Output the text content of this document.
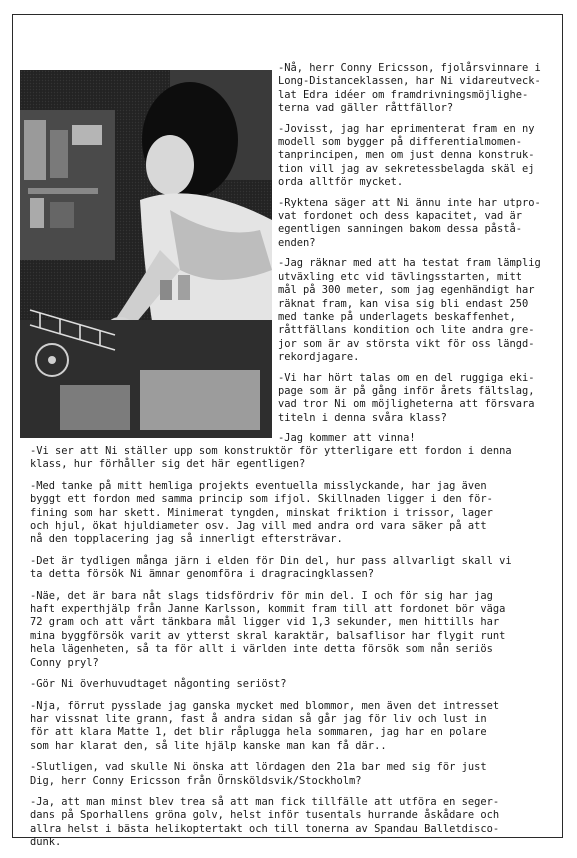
-Nå, herr Conny Ericsson, fjolårsvinnare i
Long-Distanceklassen, har Ni vidareutveck-
lat Edra idéer om framdrivningsmöjlighe-
terna vad gäller råttfällor?

-Jovisst, jag har eprimenterat fram en ny
modell som bygger på differentialmomen-
tanprincipen, men om just denna konstruk-
tion vill jag av sekretessbelagda skäl ej
orda alltför mycket.

-Ryktena säger att Ni ännu inte har utpro-
vat fordonet och dess kapacitet, vad är
egentligen sanningen bakom dessa påstå-
enden?

-Jag räknar med att ha testat fram lämplig
utväxling etc vid tävlingsstarten, mitt
mål på 300 meter, som jag egenhändigt har
räknat fram, kan visa sig bli endast 250
med tanke på underlagets beskaffenhet,
råttfällans kondition och lite andra gre-
jor som är av största vikt för oss längd-
rekordjagare.

-Vi har hört talas om en del ruggiga eki-
page som är på gång inför årets fältslag,
vad tror Ni om möjligheterna att försvara
titeln i denna svåra klass?

-Jag kommer att vinna!

-Vi ser att Ni ställer upp som konstruktör för ytterligare ett fordon i denna
klass, hur förhåller sig det här egentligen?

-Med tanke på mitt hemliga projekts eventuella misslyckande, har jag även
byggt ett fordon med samma princip som ifjol. Skillnaden ligger i den för-
fining som har skett. Minimerat tyngden, minskat friktion i trissor, lager
och hjul, ökat hjuldiameter osv. Jag vill med andra ord vara säker på att
nå den topplacering jag så innerligt eftersträvar.

-Det är tydligen många järn i elden för Din del, hur pass allvarligt skall vi
ta detta försök Ni ämnar genomföra i dragracingklassen?

-Näe, det är bara nåt slags tidsfördriv för min del. I och för sig har jag
haft experthjälp från Janne Karlsson, kommit fram till att fordonet bör väga
72 gram och att vårt tänkbara mål ligger vid 1,3 sekunder, men hittills har
mina byggförsök varit av ytterst skral karaktär, balsaflisor har flygit runt
hela lägenheten, så ta för allt i världen inte detta försök som nån seriös
Conny pryl?

-Gör Ni överhuvudtaget någonting seriöst?

-Nja, förrut pysslade jag ganska mycket med blommor, men även det intresset
har vissnat lite grann, fast å andra sidan så går jag för liv och lust in
för att klara Matte 1, det blir råplugga hela sommaren, jag har en polare
som har klarat den, så lite hjälp kanske man kan få där..

-Slutligen, vad skulle Ni önska att lördagen den 21a bar med sig för just
Dig, herr Conny Ericsson från Örnsköldsvik/Stockholm?

-Ja, att man minst blev trea så att man fick tillfälle att utföra en seger-
dans på Sporhallens gröna golv, helst inför tusentals hurrande åskådare och
allra helst i bästa helikoptertakt och till tonerna av Spandau Balletdisco-
dunk.
